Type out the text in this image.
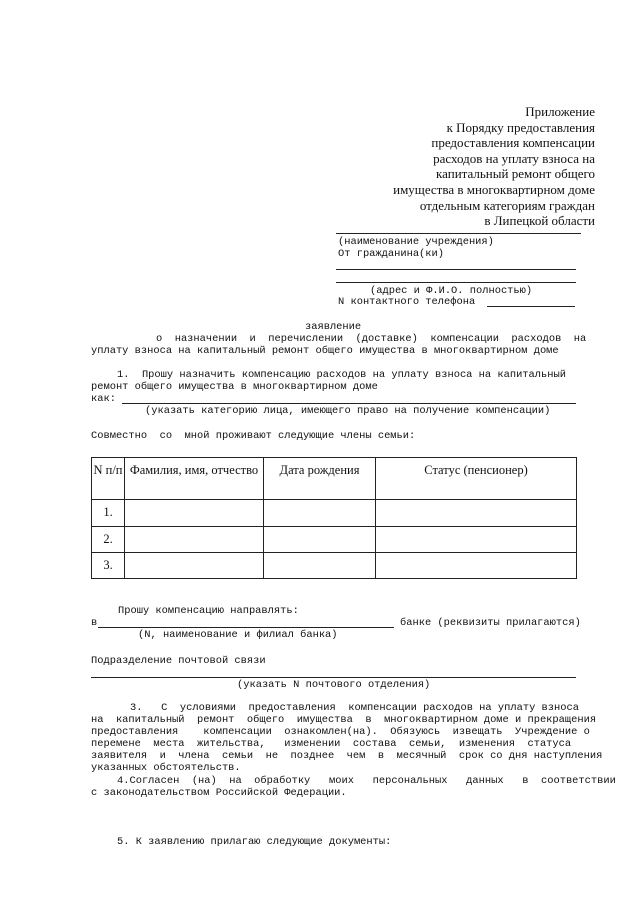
Приложение
к Порядку предоставления
предоставления компенсации
расходов на уплату взноса на
капитальный ремонт общего
имущества в многоквартирном доме
отдельным категориям граждан
в Липецкой области
(наименование учреждения)
От гражданина(ки)
(адрес и Ф.И.О. полностью)
N контактного телефона
заявление
о  назначении  и  перечислении  (доставке)  компенсации  расходов  на
уплату взноса на капитальный ремонт общего имущества в многоквартирном доме
1.  Прошу назначить компенсацию расходов на уплату взноса на капитальный
ремонт общего имущества в многоквартирном доме
как:
(указать категорию лица, имеющего право на получение компенсации)
Совместно  со  мной проживают следующие члены семьи:
N п/п	Фамилия, имя, отчество	Дата рождения	Статус (пенсионер)
1.			
2.			
3.			
Прошу компенсацию направлять:
в	банке (реквизиты прилагаются)
(N, наименование и филиал банка)
Подразделение почтовой связи
(указать N почтового отделения)
3.   С  условиями  предоставления  компенсации расходов на уплату взноса
на  капитальный  ремонт  общего  имущества  в  многоквартирном доме и прекращения
предоставления    компенсации  ознакомлен(на).  Обязуюсь  извещать  Учреждение о
перемене  места  жительства,   изменении  состава  семьи,  изменения  статуса
заявителя  и  члена  семьи  не  позднее  чем  в  месячный  срок со дня наступления
указанных обстоятельств.
4.Согласен  (на)  на  обработку   моих   персональных   данных   в  соответствии
с законодательством Российской Федерации.
5. К заявлению прилагаю следующие документы:
